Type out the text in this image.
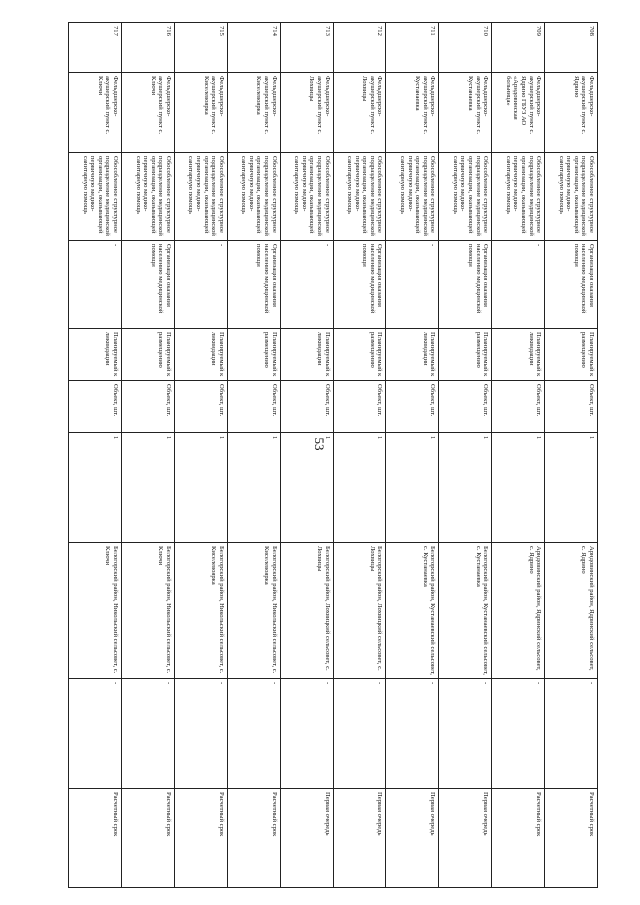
53
708	Фельдшерско-акушерский пункт с. Ядрино	Обособленное структурное подразделение медицинской организации, оказывающей первичную медико-санитарную помощь	Организация оказания населению медицинской помощи	Планируемый к размещению	Объект, шт.	1	Арндовинский район, Ядринский сельсовет, с. Ядрино	-	Расчетный срок
709	Фельдшерско-акушерский пункт с. Ядрино ГБУЗ АО «Арндовинская больница»	Обособленное структурное подразделение медицинской организации, оказывающей первичную медико-санитарную помощь	-	Планируемый к ликвидации	Объект, шт.	1	Арндовинский район, Ядринский сельсовет, с. Ядрино	-	Расчетный срок
710	Фельдшерско-акушерский пункт с. Кустанаевка	Обособленное структурное подразделение медицинской организации, оказывающей первичную медико-санитарную помощь	Организация оказания населению медицинской помощи	Планируемый к размещению	Объект, шт.	1	Белогорский район, Кустанаевский сельсовет, с. Кустанаевка	-	Первая очередь
711	Фельдшерско-акушерский пункт с. Кустанаевка	Обособленное структурное подразделение медицинской организации, оказывающей первичную медико-санитарную помощь	-	Планируемый к ликвидации	Объект, шт.	1	Белогорский район, Кустанаевский сельсовет, с. Кустанаевка	-	Первая очередь
712	Фельдшерско-акушерский пункт с. Лохвицы	Обособленное структурное подразделение медицинской организации, оказывающей первичную медико-санитарную помощь	Организация оказания населению медицинской помощи	Планируемый к размещению	Объект, шт.	1	Белогорский район, Лохвицкий сельсовет, с. Лохвицы	-	Первая очередь
713	Фельдшерско-акушерский пункт с. Лохвицы	Обособленное структурное подразделение медицинской организации, оказывающей первичную медико-санитарную помощь	-	Планируемый к ликвидации	Объект, шт.	1	Белогорский район, Лохвицкий сельсовет, с. Лохвицы	-	Первая очередь
714	Фельдшерско-акушерский пункт с. Киселевоярка	Обособленное структурное подразделение медицинской организации, оказывающей первичную медико-санитарную помощь	Организация оказания населению медицинской помощи	Планируемый к размещению	Объект, шт.	1	Белогорский район, Никольский сельсовет, с. Киселевоярка	-	Расчетный срок
715	Фельдшерско-акушерский пункт с. Киселевоярка	Обособленное структурное подразделение медицинской организации, оказывающей первичную медико-санитарную помощь	-	Планируемый к ликвидации	Объект, шт.	1	Белогорский район, Никольский сельсовет, с. Киселевоярка	-	Расчетный срок
716	Фельдшерско-акушерский пункт с. Ключи	Обособленное структурное подразделение медицинской организации, оказывающей первичную медико-санитарную помощь	Организация оказания населению медицинской помощи	Планируемый к размещению	Объект, шт.	1	Белогорский район, Никольский сельсовет, с. Ключи	-	Расчетный срок
717	Фельдшерско-акушерский пункт с. Ключи	Обособленное структурное подразделение медицинской организации, оказывающей первичную медико-санитарную помощь	-	Планируемый к ликвидации	Объект, шт.	1	Белогорский район, Никольский сельсовет, с. Ключи	-	Расчетный срок
